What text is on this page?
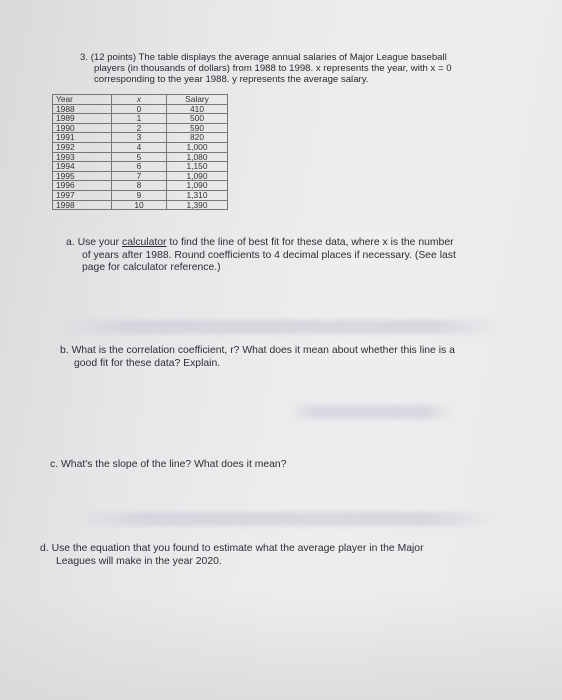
3. (12 points) The table displays the average annual salaries of Major League baseball
players (in thousands of dollars) from 1988 to 1998. x represents the year, with x = 0
corresponding to the year 1988. y represents the average salary.
Year	x	Salary
1988	0	410
1989	1	500
1990	2	590
1991	3	820
1992	4	1,000
1993	5	1,080
1994	6	1,150
1995	7	1,090
1996	8	1,090
1997	9	1,310
1998	10	1,390
a. Use your calculator to find the line of best fit for these data, where x is the number
of years after 1988. Round coefficients to 4 decimal places if necessary. (See last
page for calculator reference.)
b. What is the correlation coefficient, r? What does it mean about whether this line is a
good fit for these data? Explain.
c. What's the slope of the line? What does it mean?
d. Use the equation that you found to estimate what the average player in the Major
Leagues will make in the year 2020.
